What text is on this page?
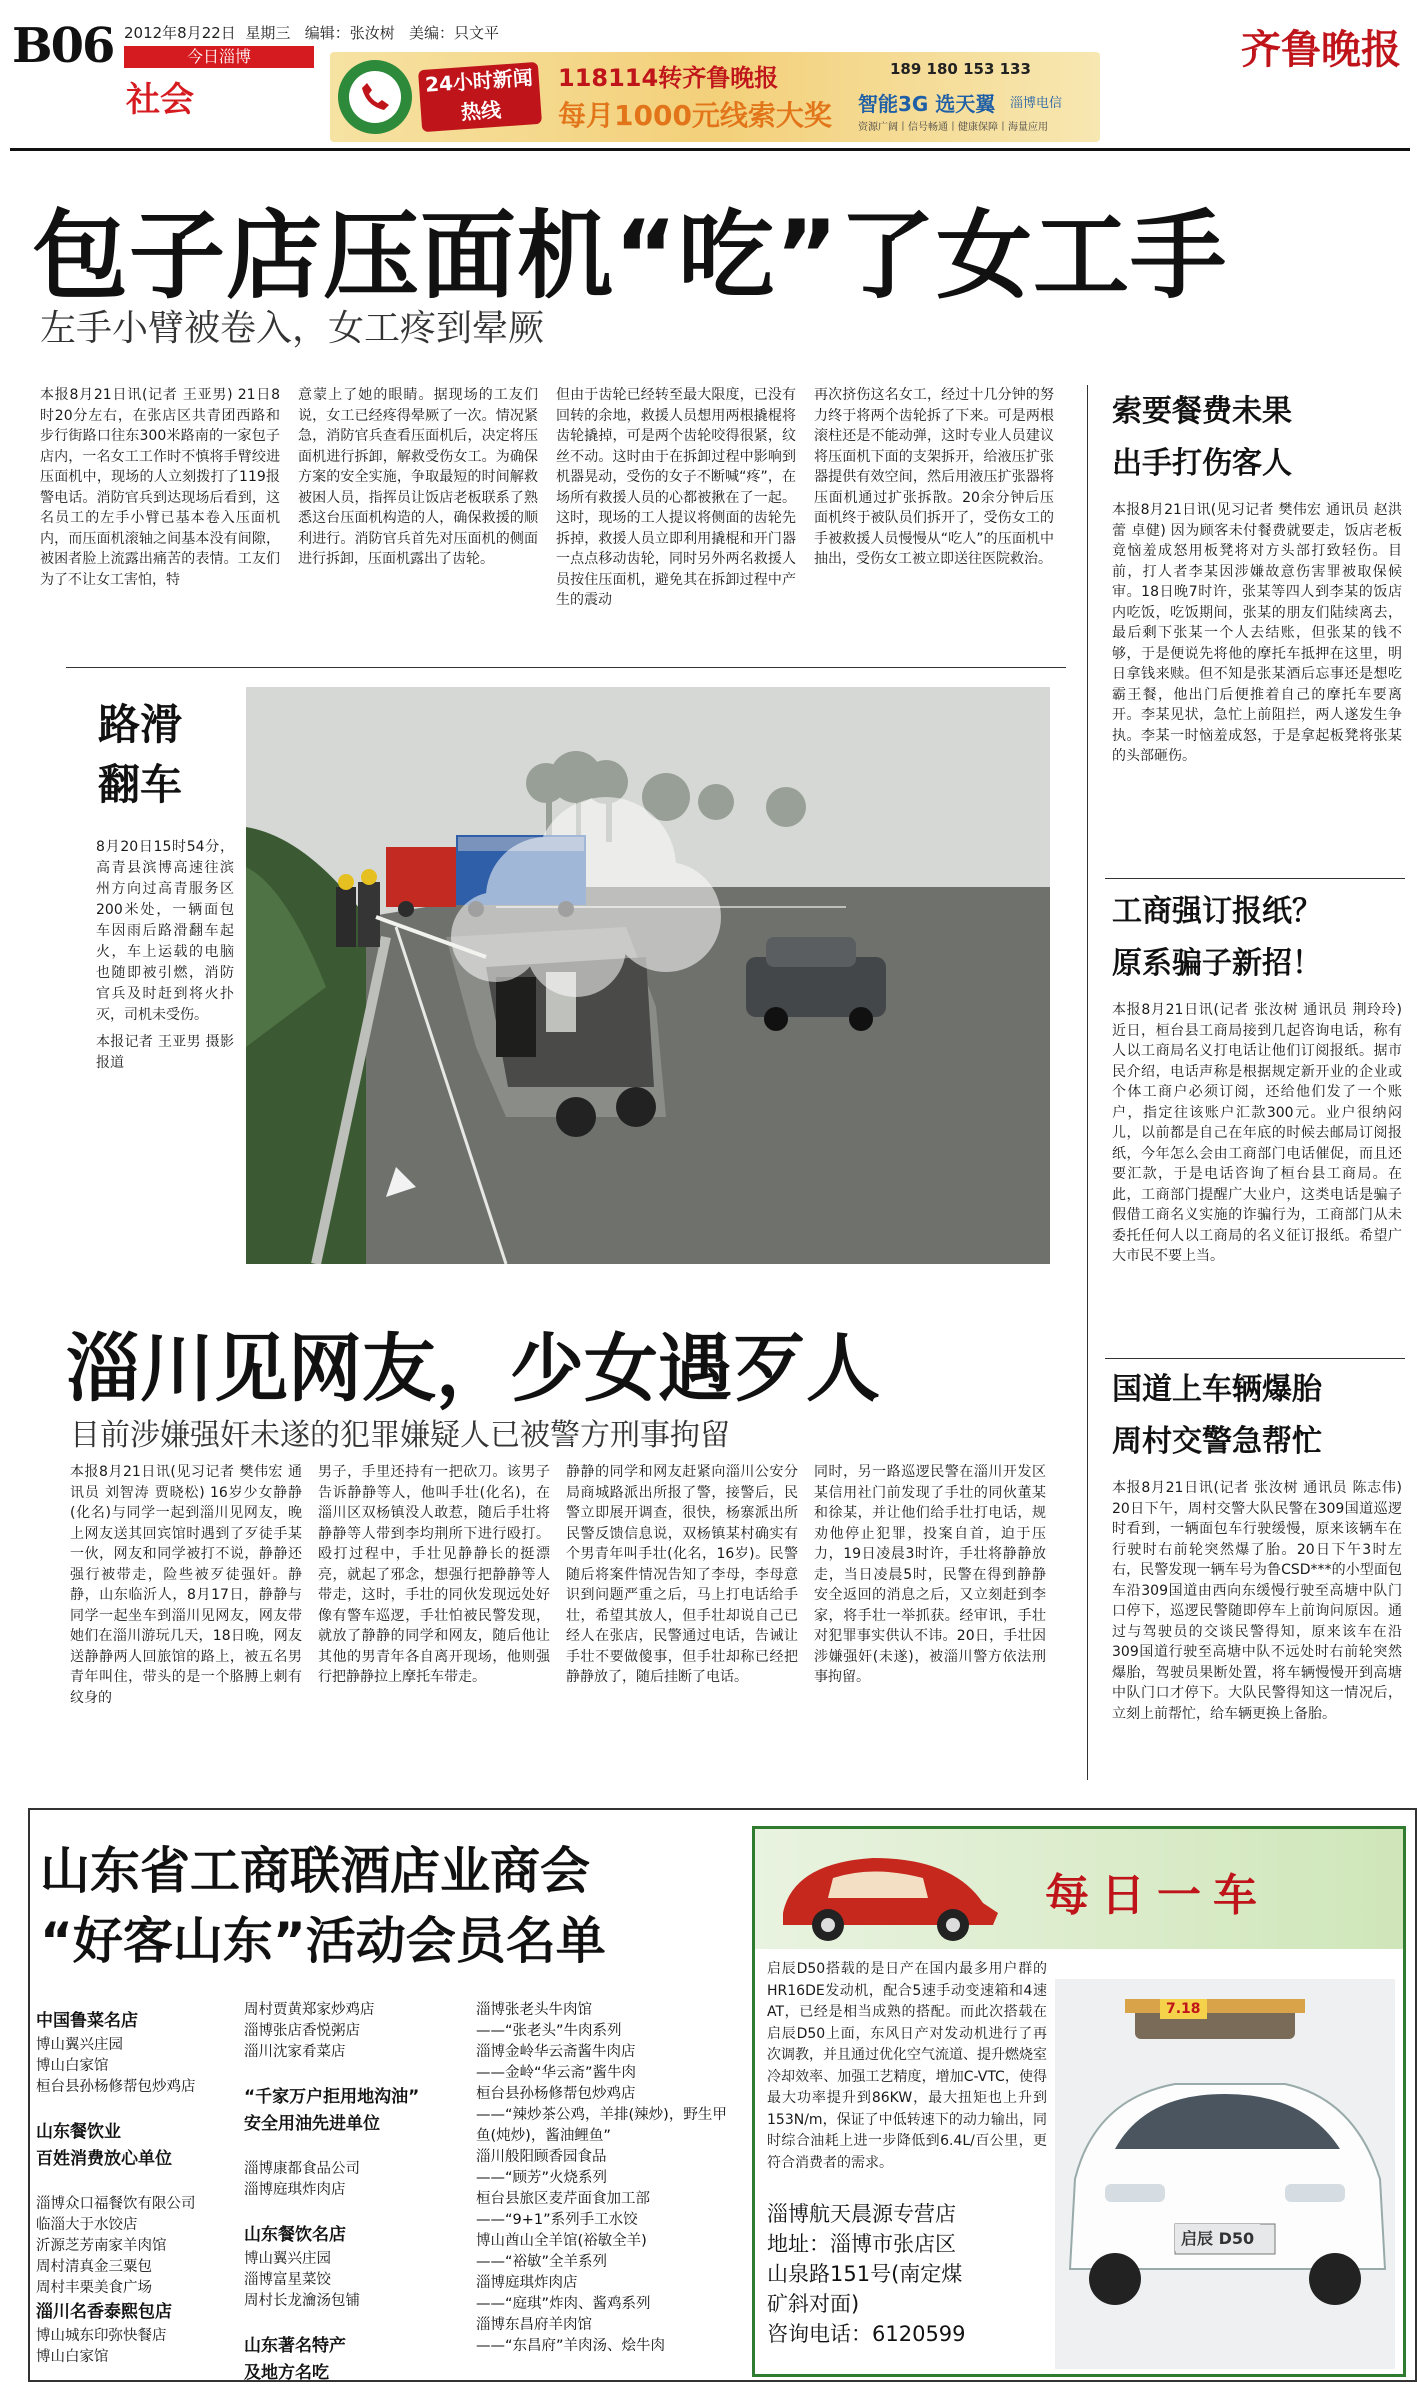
B06 2012年8月22日 星期三 编辑：张汝树 美编：只文平
今日淄博
社会
齐鲁晚报
24小时新闻热线
118114转齐鲁晚报
每月1000元线索大奖
189 180 153 133
智能3G 选天翼 淄博电信
资源广阔丨信号畅通丨健康保障丨海量应用
包子店压面机“吃”了女工手
左手小臂被卷入，女工疼到晕厥
本报8月21日讯(记者 王亚男) 21日8时20分左右，在张店区共青团西路和步行街路口往东300米路南的一家包子店内，一名女工工作时不慎将手臂绞进压面机中，现场的人立刻拨打了119报警电话。消防官兵到达现场后看到，这名员工的左手小臂已基本卷入压面机内，而压面机滚轴之间基本没有间隙，被困者脸上流露出痛苦的表情。工友们为了不让女工害怕，特
意蒙上了她的眼睛。据现场的工友们说，女工已经疼得晕厥了一次。情况紧急，消防官兵查看压面机后，决定将压面机进行拆卸，解救受伤女工。为确保方案的安全实施，争取最短的时间解救被困人员，指挥员让饭店老板联系了熟悉这台压面机构造的人，确保救援的顺利进行。消防官兵首先对压面机的侧面进行拆卸，压面机露出了齿轮。
但由于齿轮已经转至最大限度，已没有回转的余地，救援人员想用两根撬棍将齿轮撬掉，可是两个齿轮咬得很紧，纹丝不动。这时由于在拆卸过程中影响到机器晃动，受伤的女子不断喊“疼”，在场所有救援人员的心都被揪在了一起。这时，现场的工人提议将侧面的齿轮先拆掉，救援人员立即利用撬棍和开门器一点点移动齿轮，同时另外两名救援人员按住压面机，避免其在拆卸过程中产生的震动
再次挤伤这名女工，经过十几分钟的努力终于将两个齿轮拆了下来。可是两根滚柱还是不能动弹，这时专业人员建议将压面机下面的支架拆开，给液压扩张器提供有效空间，然后用液压扩张器将压面机通过扩张拆散。20余分钟后压面机终于被队员们拆开了，受伤女工的手被救援人员慢慢从“吃人”的压面机中抽出，受伤女工被立即送往医院救治。
索要餐费未果
出手打伤客人
本报8月21日讯(见习记者 樊伟宏 通讯员 赵洪蕾 卓健) 因为顾客未付餐费就要走，饭店老板竟恼羞成怒用板凳将对方头部打致轻伤。目前，打人者李某因涉嫌故意伤害罪被取保候审。18日晚7时许，张某等四人到李某的饭店内吃饭，吃饭期间，张某的朋友们陆续离去，最后剩下张某一个人去结账，但张某的钱不够，于是便说先将他的摩托车抵押在这里，明日拿钱来赎。但不知是张某酒后忘事还是想吃霸王餐，他出门后便推着自己的摩托车要离开。李某见状，急忙上前阻拦，两人遂发生争执。李某一时恼羞成怒，于是拿起板凳将张某的头部砸伤。
工商强订报纸？
原系骗子新招！
本报8月21日讯(记者 张汝树 通讯员 荆玲玲) 近日，桓台县工商局接到几起咨询电话，称有人以工商局名义打电话让他们订阅报纸。据市民介绍，电话声称是根据规定新开业的企业或个体工商户必须订阅，还给他们发了一个账户，指定往该账户汇款300元。业户很纳闷儿，以前都是自己在年底的时候去邮局订阅报纸，今年怎么会由工商部门电话催促，而且还要汇款，于是电话咨询了桓台县工商局。在此，工商部门提醒广大业户，这类电话是骗子假借工商名义实施的诈骗行为，工商部门从未委托任何人以工商局的名义征订报纸。希望广大市民不要上当。
国道上车辆爆胎
周村交警急帮忙
本报8月21日讯(记者 张汝树 通讯员 陈志伟) 20日下午，周村交警大队民警在309国道巡逻时看到，一辆面包车行驶缓慢，原来该辆车在行驶时右前轮突然爆了胎。20日下午3时左右，民警发现一辆车号为鲁CSD***的小型面包车沿309国道由西向东缓慢行驶至高塘中队门口停下，巡逻民警随即停车上前询问原因。通过与驾驶员的交谈民警得知，原来该车在沿309国道行驶至高塘中队不远处时右前轮突然爆胎，驾驶员果断处置，将车辆慢慢开到高塘中队门口才停下。大队民警得知这一情况后，立刻上前帮忙，给车辆更换上备胎。
路滑
翻车
8月20日15时54分，高青县滨博高速往滨州方向过高青服务区200米处，一辆面包车因雨后路滑翻车起火，车上运载的电脑也随即被引燃，消防官兵及时赶到将火扑灭，司机未受伤。
本报记者 王亚男 摄影报道
淄川见网友，少女遇歹人
目前涉嫌强奸未遂的犯罪嫌疑人已被警方刑事拘留
本报8月21日讯(见习记者 樊伟宏 通讯员 刘智涛 贾晓松) 16岁少女静静(化名)与同学一起到淄川见网友，晚上网友送其回宾馆时遇到了歹徒手某一伙，网友和同学被打不说，静静还强行被带走，险些被歹徒强奸。静静，山东临沂人，8月17日，静静与同学一起坐车到淄川见网友，网友带她们在淄川游玩几天，18日晚，网友送静静两人回旅馆的路上，被五名男青年叫住，带头的是一个胳膊上刺有纹身的
男子，手里还持有一把砍刀。该男子告诉静静等人，他叫手壮(化名)，在淄川区双杨镇没人敢惹，随后手壮将静静等人带到李均荆所下进行殴打。殴打过程中，手壮见静静长的挺漂亮，就起了邪念，想强行把静静等人带走，这时，手壮的同伙发现远处好像有警车巡逻，手壮怕被民警发现，就放了静静的同学和网友，随后他让其他的男青年各自离开现场，他则强行把静静拉上摩托车带走。
静静的同学和网友赶紧向淄川公安分局商城路派出所报了警，接警后，民警立即展开调查，很快，杨寨派出所民警反馈信息说，双杨镇某村确实有个男青年叫手壮(化名，16岁)。民警随后将案件情况告知了李母，李母意识到问题严重之后，马上打电话给手壮，希望其放人，但手壮却说自己已经人在张店，民警通过电话，告诫让手壮不要做傻事，但手壮却称已经把静静放了，随后挂断了电话。
同时，另一路巡逻民警在淄川开发区某信用社门前发现了手壮的同伙董某和徐某，并让他们给手壮打电话，规劝他停止犯罪，投案自首，迫于压力，19日凌晨3时许，手壮将静静放走，当日凌晨5时，民警在得到静静安全返回的消息之后，又立刻赶到李家，将手壮一举抓获。经审讯，手壮对犯罪事实供认不讳。20日，手壮因涉嫌强奸(未遂)，被淄川警方依法刑事拘留。
山东省工商联酒店业商会
“好客山东”活动会员名单
中国鲁菜名店
博山翼兴庄园
博山白家馆
桓台县孙杨修帮包炒鸡店
山东餐饮业
百姓消费放心单位
淄博众口福餐饮有限公司
临淄大于水饺店
沂源芝芳南家羊肉馆
周村清真金三粟包
周村丰栗美食广场
淄川名香泰熙包店
博山城东印弥快餐店
博山白家馆
周村贾黄郑家炒鸡店
淄博张店香悦粥店
淄川沈家肴菜店
“千家万户拒用地沟油”
安全用油先进单位
淄博康都食品公司
淄博庭琪炸肉店
山东餐饮名店
博山翼兴庄园
淄博富星菜饺
周村长龙瀹汤包铺
山东著名特产
及地方名吃
淄博张老头牛肉馆
——“张老头”牛肉系列
淄博金岭华云斋酱牛肉店
——金岭“华云斋”酱牛肉
桓台县孙杨修帮包炒鸡店
——“辣炒茶公鸡，羊排(辣炒)，野生甲鱼(炖炒)，酱油鲤鱼”
淄川般阳顾香园食品
——“顾芳”火烧系列
桓台县旅区麦芹面食加工部
——“9+1”系列手工水饺
博山酋山全羊馆(裕敏全羊)
——“裕敏”全羊系列
淄博庭琪炸肉店
——“庭琪”炸肉、酱鸡系列
淄博东昌府羊肉馆
——“东昌府”羊肉汤、烩牛肉
每日一车
启辰D50搭载的是日产在国内最多用户群的HR16DE发动机，配合5速手动变速箱和4速AT，已经是相当成熟的搭配。而此次搭载在启辰D50上面，东风日产对发动机进行了再次调教，并且通过优化空气流道、提升燃烧室冷却效率、加强工艺精度，增加C-VTC，使得最大功率提升到86KW，最大扭矩也上升到153N/m，保证了中低转速下的动力输出，同时综合油耗上进一步降低到6.4L/百公里，更符合消费者的需求。
7.18
启辰 D50
淄博航天晨源专营店
地址：淄博市张店区
山泉路151号(南定煤
矿斜对面)
咨询电话：6120599
